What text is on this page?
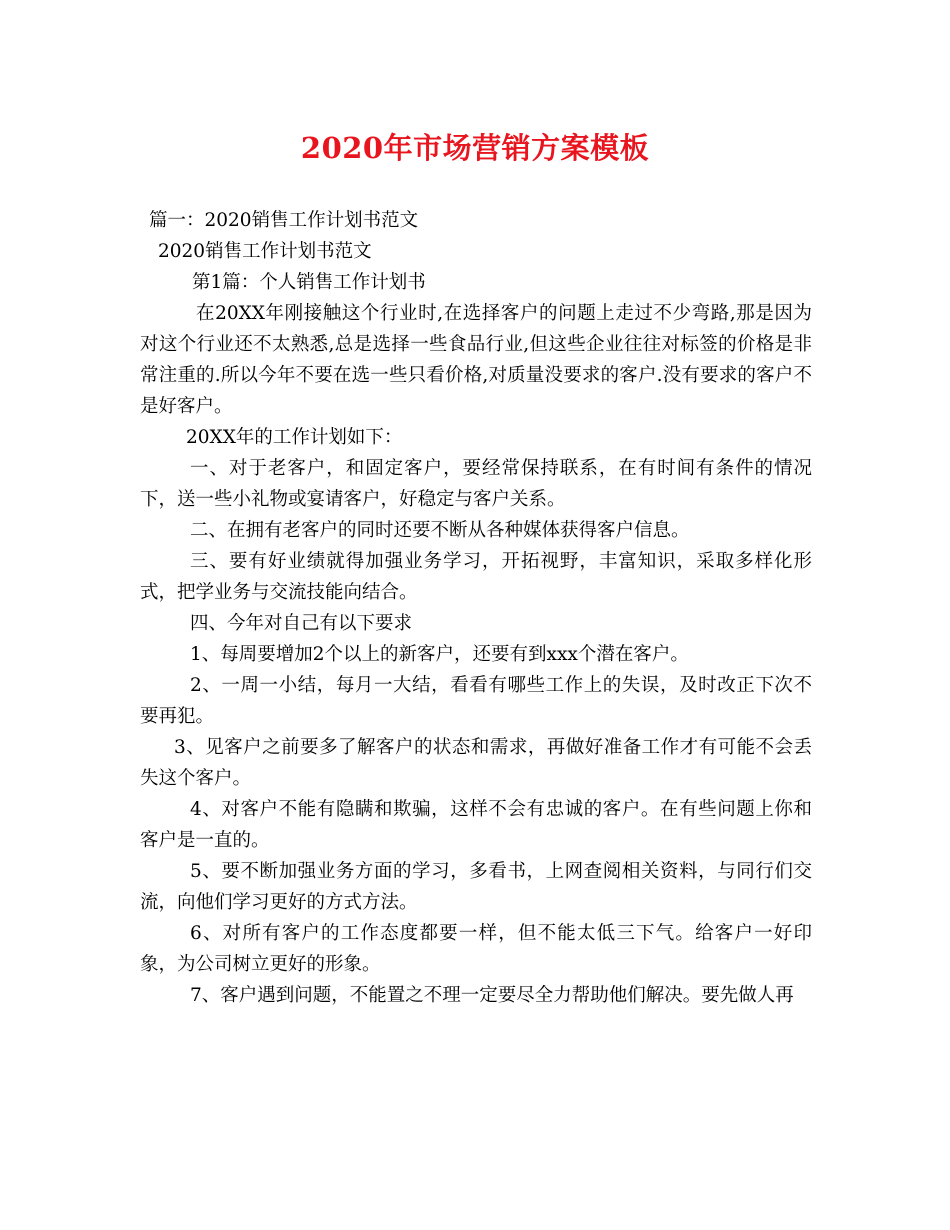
2020年市场营销方案模板

篇一：2020销售工作计划书范文

2020销售工作计划书范文

第1篇：个人销售工作计划书

在20XX年刚接触这个行业时,在选择客户的问题上走过不少弯路,那是因为对这个行业还不太熟悉,总是选择一些食品行业,但这些企业往往对标签的价格是非常注重的.所以今年不要在选一些只看价格,对质量没要求的客户.没有要求的客户不是好客户。

20XX年的工作计划如下：

一、对于老客户，和固定客户，要经常保持联系，在有时间有条件的情况下，送一些小礼物或宴请客户，好稳定与客户关系。

二、在拥有老客户的同时还要不断从各种媒体获得客户信息。

三、要有好业绩就得加强业务学习，开拓视野，丰富知识，采取多样化形式，把学业务与交流技能向结合。

四、今年对自己有以下要求

1、每周要增加2个以上的新客户，还要有到xxx个潜在客户。

2、一周一小结，每月一大结，看看有哪些工作上的失误，及时改正下次不要再犯。

3、见客户之前要多了解客户的状态和需求，再做好准备工作才有可能不会丢失这个客户。

4、对客户不能有隐瞒和欺骗，这样不会有忠诚的客户。在有些问题上你和客户是一直的。

5、要不断加强业务方面的学习，多看书，上网查阅相关资料，与同行们交流，向他们学习更好的方式方法。

6、对所有客户的工作态度都要一样，但不能太低三下气。给客户一好印象，为公司树立更好的形象。

7、客户遇到问题，不能置之不理一定要尽全力帮助他们解决。要先做人再
